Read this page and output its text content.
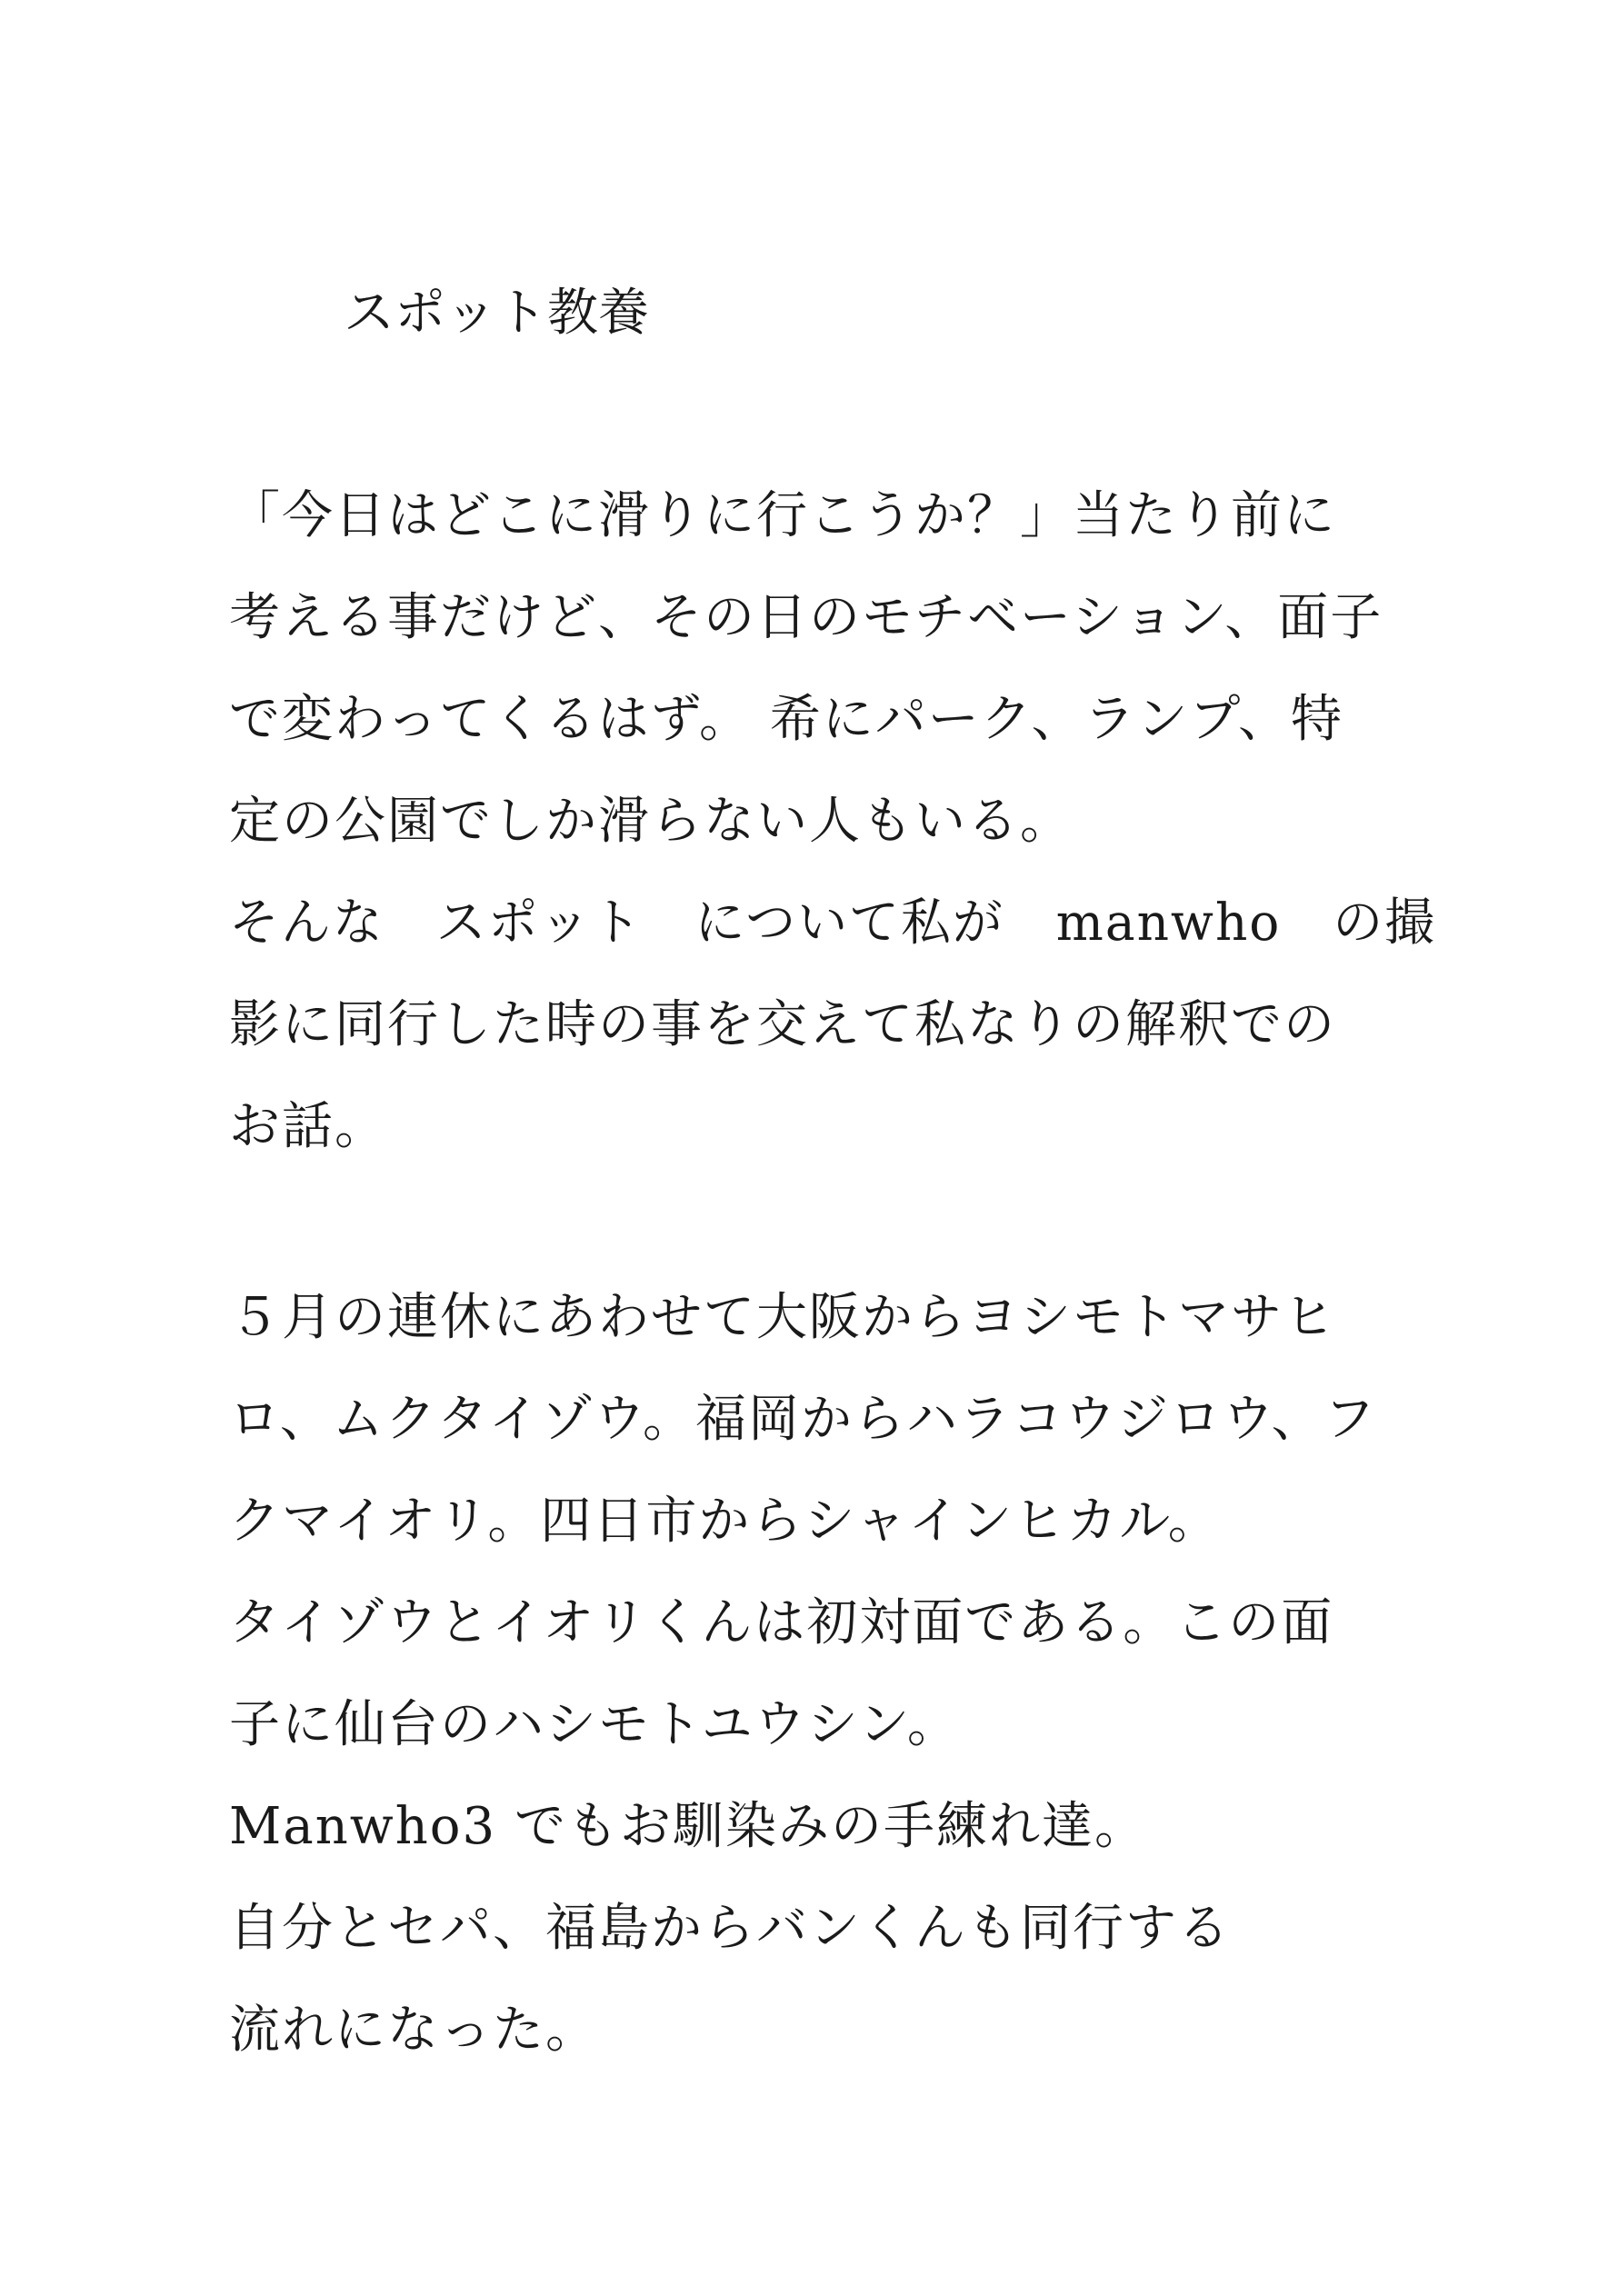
スポット教養

「今日はどこに滑りに行こうか？」当たり前に

考える事だけど、その日のモチベーション、面子

で変わってくるはず。 希にパーク、ランプ、特

定の公園でしか滑らない人もいる。

そんな　スポット　について私が　manwho　の撮

影に同行した時の事を交えて私なりの解釈での

お話。

５月の連休にあわせて大阪からヨシモトマサヒ

ロ、ムクタイゾウ。福岡からハラコウジロウ、フ

クマイオリ。四日市からシャインヒカル。

タイゾウとイオリくんは初対面である。この面

子に仙台のハシモトユウシン。

Manwho3 でもお馴染みの手練れ達。

自分とセパ、福島からバンくんも同行する

流れになった。
